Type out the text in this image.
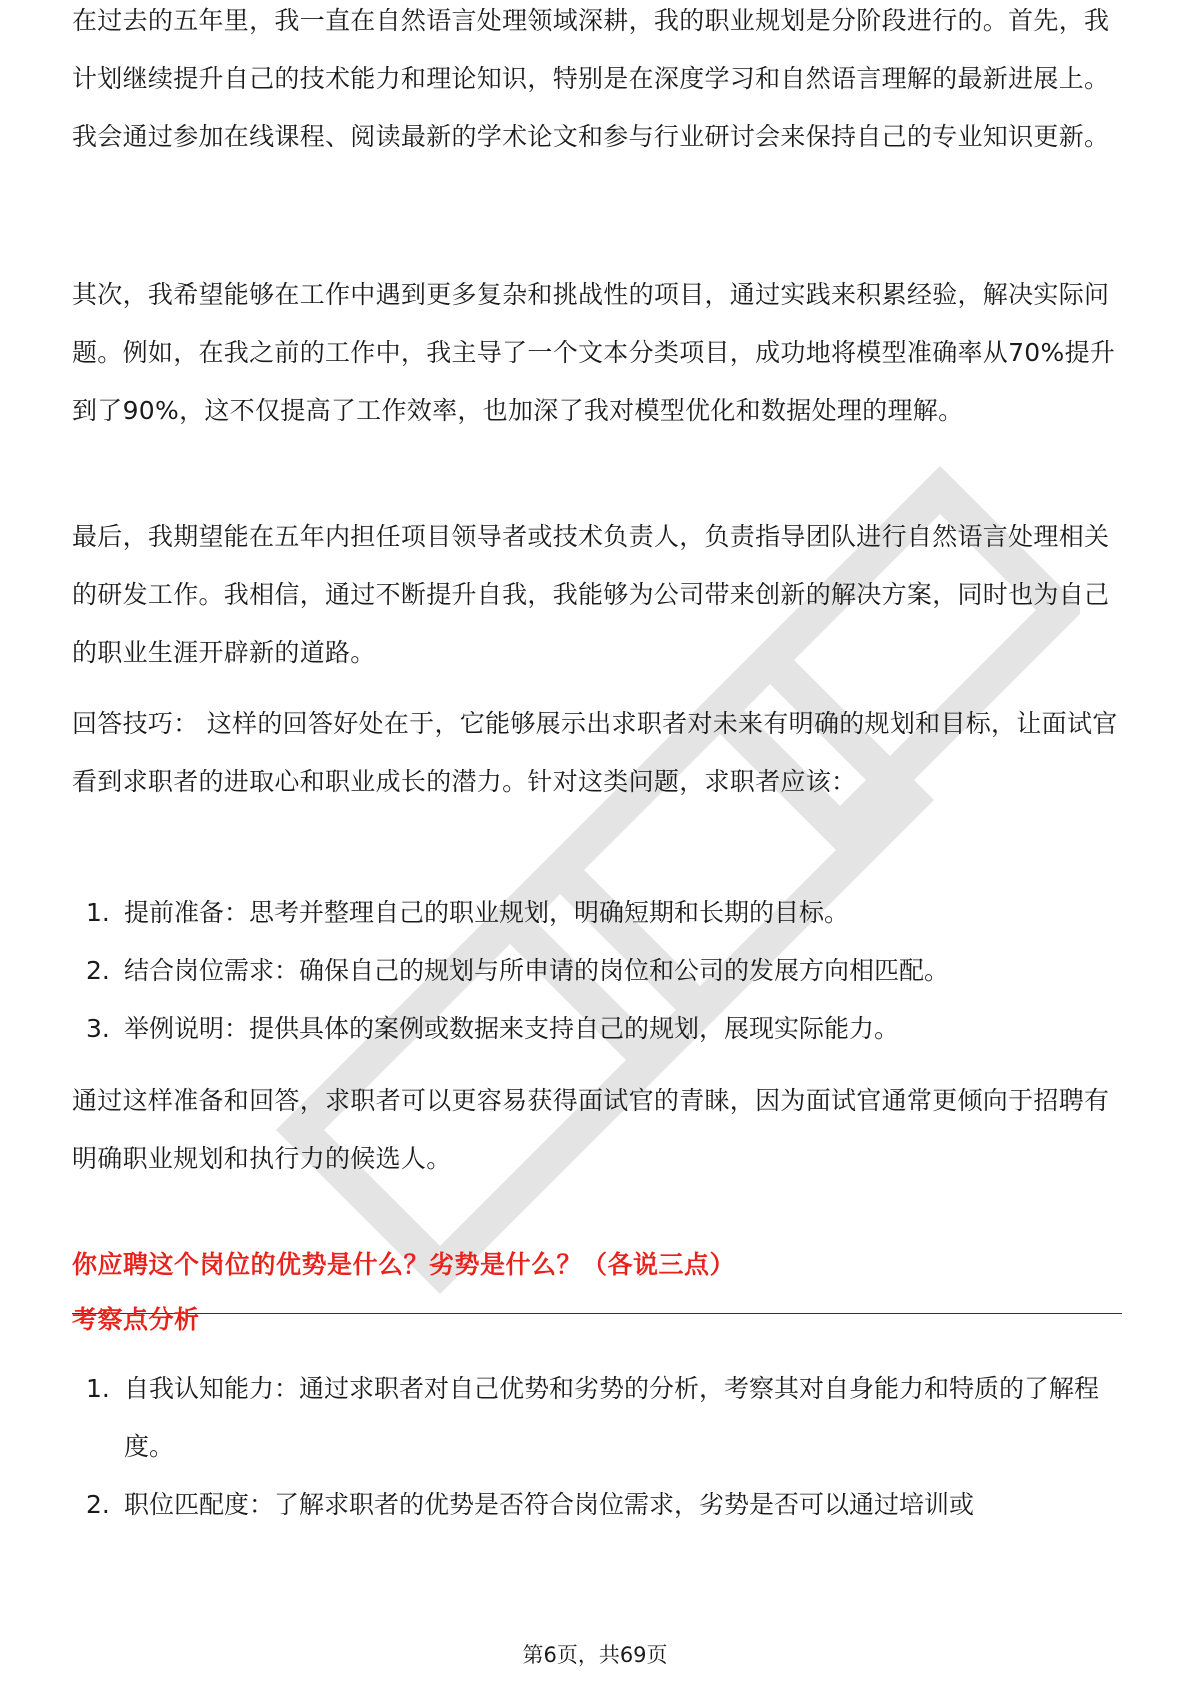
在过去的五年里，我一直在自然语言处理领域深耕，我的职业规划是分阶段进行的。首先，我计划继续提升自己的技术能力和理论知识，特别是在深度学习和自然语言理解的最新进展上。我会通过参加在线课程、阅读最新的学术论文和参与行业研讨会来保持自己的专业知识更新。

其次，我希望能够在工作中遇到更多复杂和挑战性的项目，通过实践来积累经验，解决实际问题。例如，在我之前的工作中，我主导了一个文本分类项目，成功地将模型准确率从70%提升到了90%，这不仅提高了工作效率，也加深了我对模型优化和数据处理的理解。

最后，我期望能在五年内担任项目领导者或技术负责人，负责指导团队进行自然语言处理相关的研发工作。我相信，通过不断提升自我，我能够为公司带来创新的解决方案，同时也为自己的职业生涯开辟新的道路。

回答技巧： 这样的回答好处在于，它能够展示出求职者对未来有明确的规划和目标，让面试官看到求职者的进取心和职业成长的潜力。针对这类问题，求职者应该：

1. 提前准备：思考并整理自己的职业规划，明确短期和长期的目标。
2. 结合岗位需求：确保自己的规划与所申请的岗位和公司的发展方向相匹配。
3. 举例说明：提供具体的案例或数据来支持自己的规划，展现实际能力。

通过这样准备和回答，求职者可以更容易获得面试官的青睐，因为面试官通常更倾向于招聘有明确职业规划和执行力的候选人。

你应聘这个岗位的优势是什么？劣势是什么？（各说三点）
考察点分析
1. 自我认知能力：通过求职者对自己优势和劣势的分析，考察其对自身能力和特质的了解程度。
2. 职位匹配度：了解求职者的优势是否符合岗位需求，劣势是否可以通过培训或
第6页，共69页
